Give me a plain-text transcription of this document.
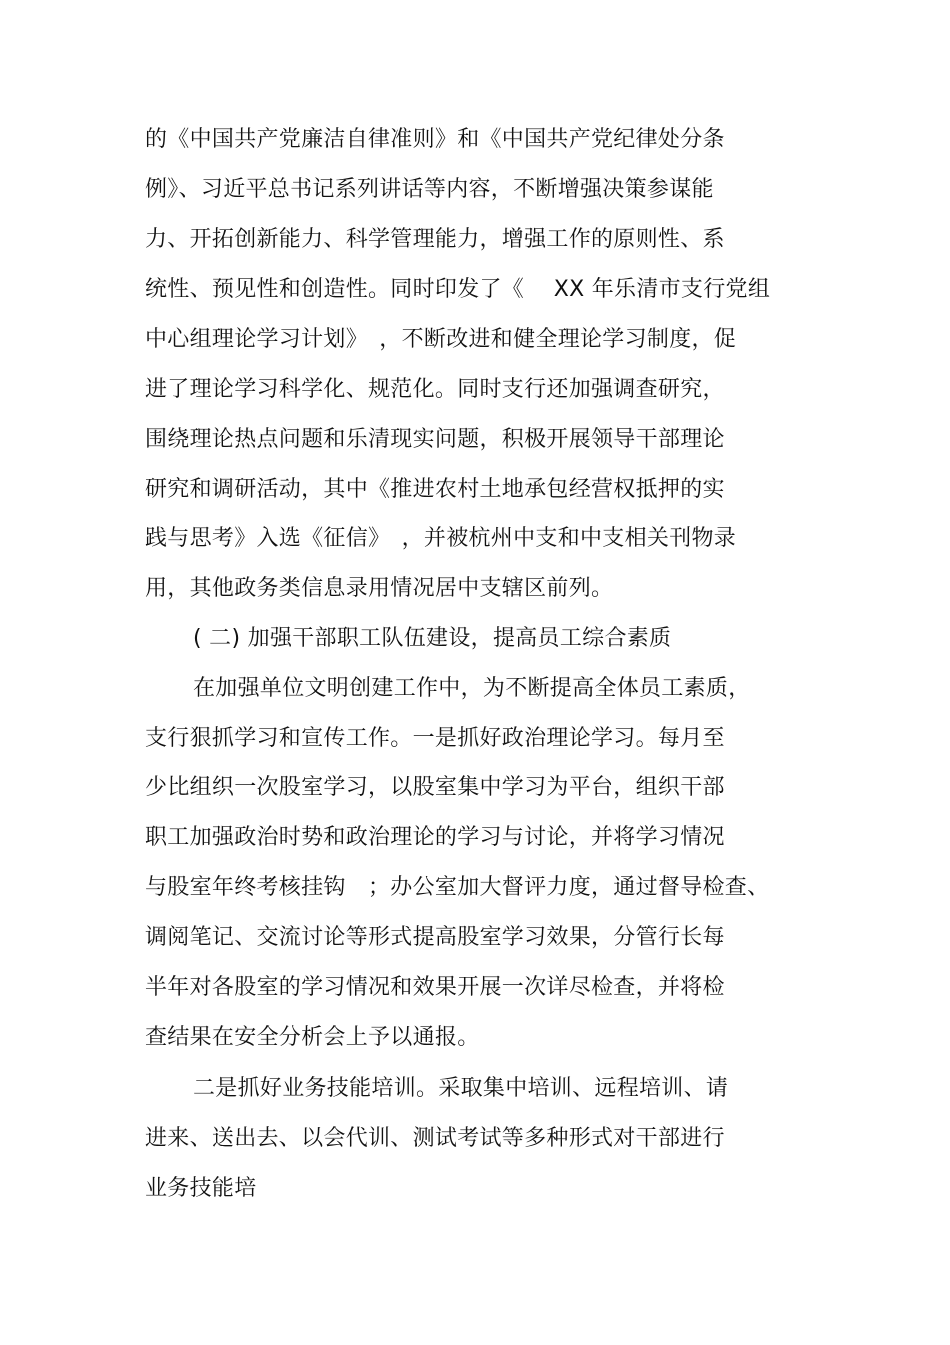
的《中国共产党廉洁自律准则》和《中国共产党纪律处分条
例》、习近平总书记系列讲话等内容，不断增强决策参谋能
力、开拓创新能力、科学管理能力，增强工作的原则性、系
统性、预见性和创造性。同时印发了《　 XX 年乐清市支行党组
中心组理论学习计划》　，不断改进和健全理论学习制度，促
进了理论学习科学化、规范化。同时支行还加强调查研究，
围绕理论热点问题和乐清现实问题，积极开展领导干部理论
研究和调研活动，其中《推进农村土地承包经营权抵押的实
践与思考》入选《征信》　，并被杭州中支和中支相关刊物录
用，其他政务类信息录用情况居中支辖区前列。
( 二) 加强干部职工队伍建设，提高员工综合素质
在加强单位文明创建工作中，为不断提高全体员工素质，
支行狠抓学习和宣传工作。一是抓好政治理论学习。每月至
少比组织一次股室学习，以股室集中学习为平台，组织干部
职工加强政治时势和政治理论的学习与讨论，并将学习情况
与股室年终考核挂钩　；办公室加大督评力度，通过督导检查、
调阅笔记、交流讨论等形式提高股室学习效果，分管行长每
半年对各股室的学习情况和效果开展一次详尽检查，并将检
查结果在安全分析会上予以通报。
二是抓好业务技能培训。采取集中培训、远程培训、请
进来、送出去、以会代训、测试考试等多种形式对干部进行
业务技能培
